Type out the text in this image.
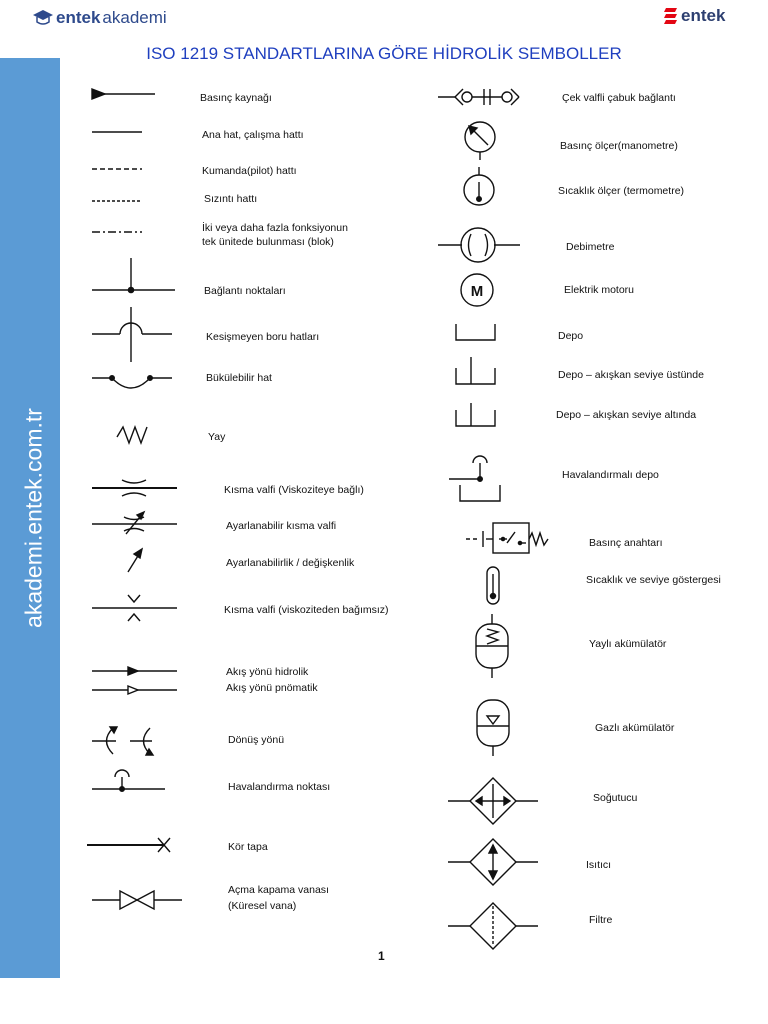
entek akademi	entek
ISO 1219 STANDARTLARINA GÖRE HİDROLİK SEMBOLLER
akademi.entek.com.tr
Basınç kaynağı
Ana hat, çalışma hattı
Kumanda(pilot) hattı
Sızıntı hattı
İki veya daha fazla fonksiyonun
tek ünitede bulunması (blok)
Bağlantı noktaları
Kesişmeyen boru hatları
Bükülebilir hat
Yay
Kısma valfi (Viskoziteye bağlı)
Ayarlanabilir kısma valfi
Ayarlanabilirlik / değişkenlik
Kısma valfi (viskoziteden bağımsız)
Akış yönü hidrolik
Akış yönü pnömatik
Dönüş yönü
Havalandırma noktası
Kör tapa
Açma kapama vanası
(Küresel vana)
Çek valfli çabuk bağlantı
Basınç ölçer(manometre)
Sıcaklık ölçer (termometre)
Debimetre
Elektrik motoru
Depo
Depo – akışkan seviye üstünde
Depo – akışkan seviye altında
Havalandırmalı depo
Basınç anahtarı
Sıcaklık ve seviye göstergesi
Yaylı akümülatör
Gazlı akümülatör
Soğutucu
Isıtıcı
Filtre
M
1
